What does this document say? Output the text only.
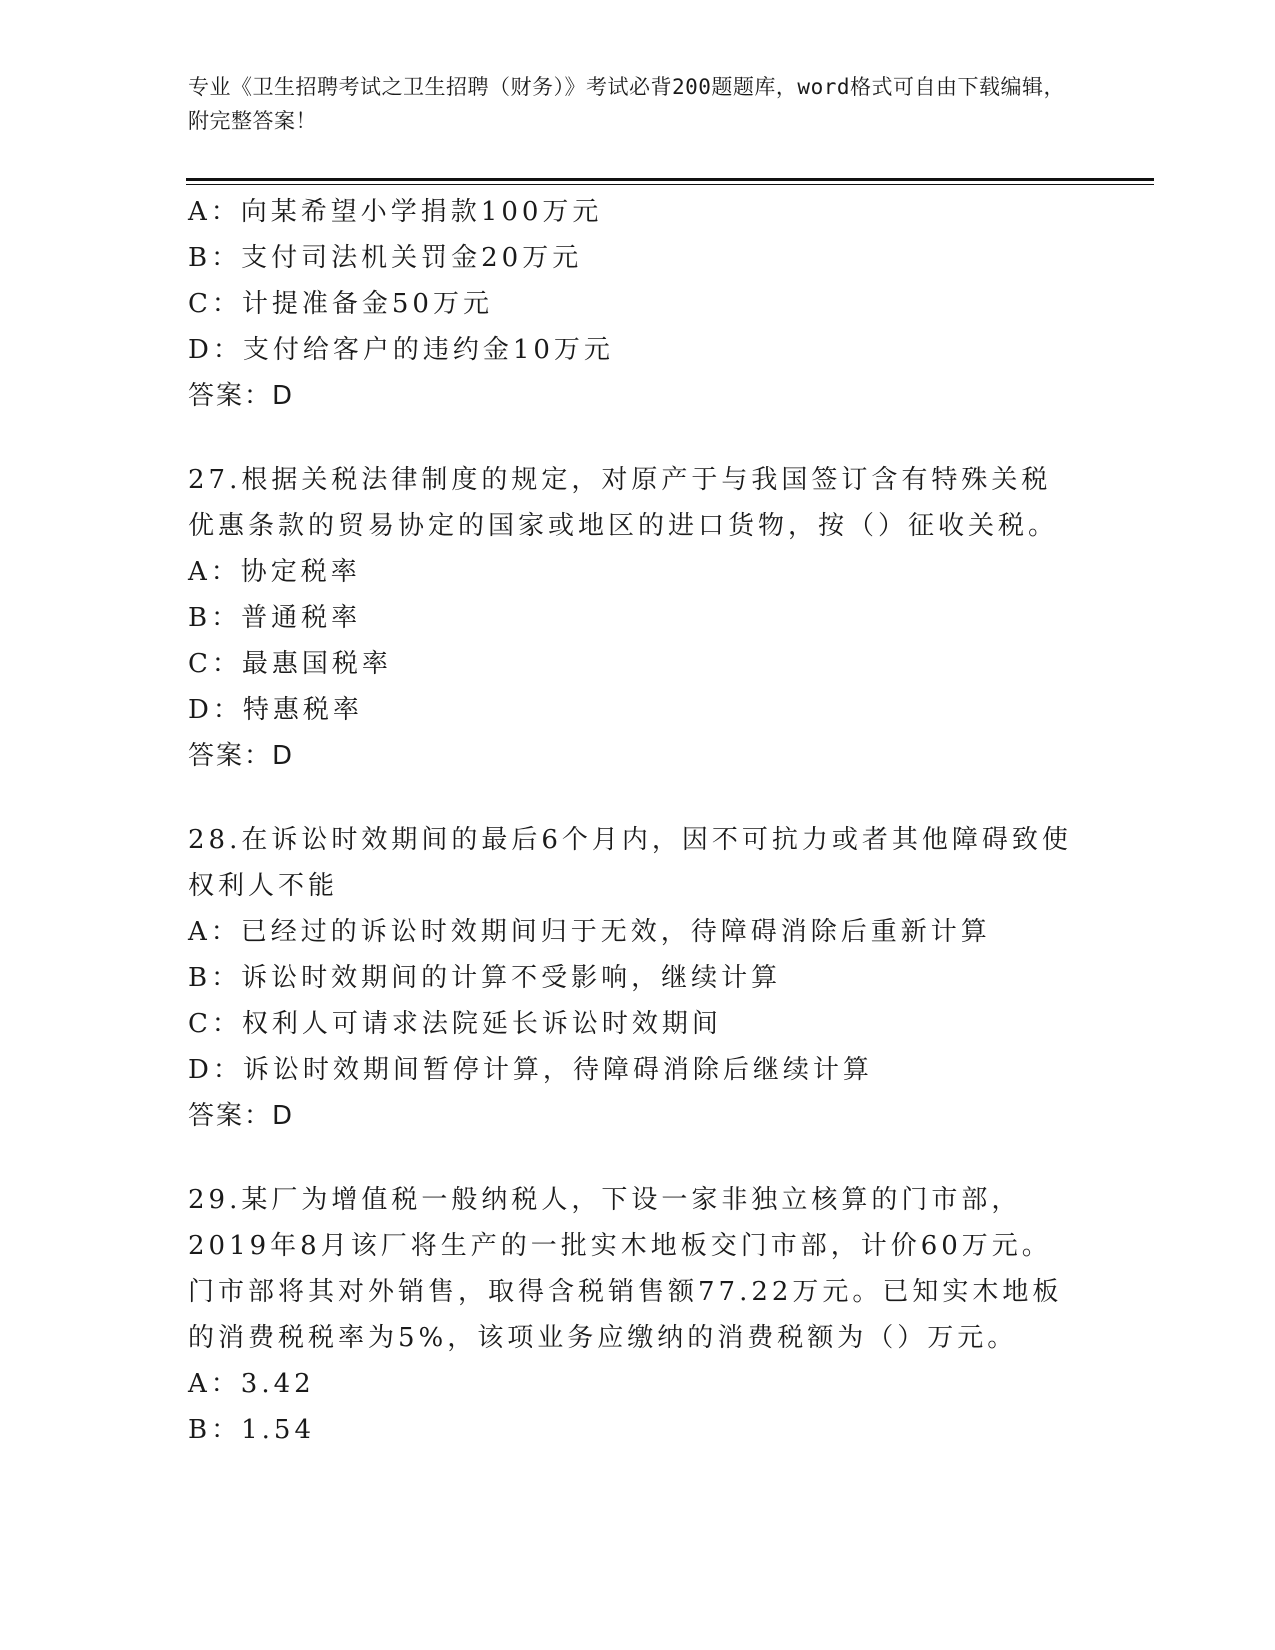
专业《卫生招聘考试之卫生招聘（财务）》考试必背200题题库，word格式可自由下载编辑，附完整答案！
A：向某希望小学捐款100万元
B：支付司法机关罚金20万元
C：计提准备金50万元
D：支付给客户的违约金10万元
答案：D
27.根据关税法律制度的规定，对原产于与我国签订含有特殊关税优惠条款的贸易协定的国家或地区的进口货物，按（）征收关税。
A：协定税率
B：普通税率
C：最惠国税率
D：特惠税率
答案：D
28.在诉讼时效期间的最后6个月内，因不可抗力或者其他障碍致使权利人不能
A：已经过的诉讼时效期间归于无效，待障碍消除后重新计算
B：诉讼时效期间的计算不受影响，继续计算
C：权利人可请求法院延长诉讼时效期间
D：诉讼时效期间暂停计算，待障碍消除后继续计算
答案：D
29.某厂为增值税一般纳税人，下设一家非独立核算的门市部，2019年8月该厂将生产的一批实木地板交门市部，计价60万元。门市部将其对外销售，取得含税销售额77.22万元。已知实木地板的消费税税率为5%，该项业务应缴纳的消费税额为（）万元。
A：3.42
B：1.54
